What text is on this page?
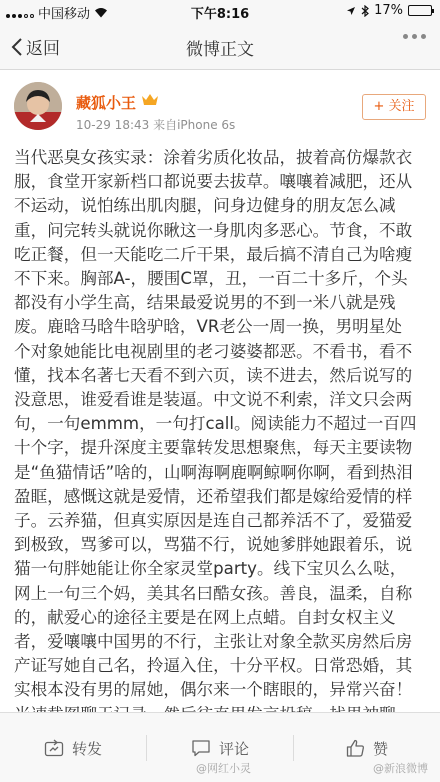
中国移动	下午8:16	17%
返回	微博正文
藏狐小王
10-29 18:43 来自iPhone 6s
+ 关注
当代恶臭女孩实录：涂着劣质化妆品，披着高仿爆款衣
服，食堂开家新档口都说要去拔草。嚷嚷着减肥，还从
不运动，说怕练出肌肉腿，问身边健身的朋友怎么减
重，问完转头就说你瞅这一身肌肉多恶心。节食，不敢
吃正餐，但一天能吃二斤干果，最后搞不清自己为啥瘦
不下来。胸部A-，腰围C罩，丑，一百二十多斤，个头
都没有小学生高，结果最爱说男的不到一米八就是残
废。鹿晗马晗牛晗驴晗，VR老公一周一换，男明星处
个对象她能比电视剧里的老刁婆婆都恶。不看书，看不
懂，找本名著七天看不到六页，读不进去，然后说写的
没意思，谁爱看谁是装逼。中文说不利索，洋文只会两
句，一句emmm，一句打call。阅读能力不超过一百四
十个字，提升深度主要靠转发思想聚焦，每天主要读物
是“鱼猫情话”啥的，山啊海啊鹿啊鲸啊你啊，看到热泪
盈眶，感慨这就是爱情，还希望我们都是嫁给爱情的样
子。云养猫，但真实原因是连自己都养活不了，爱猫爱
到极致，骂爹可以，骂猫不行，说她爹胖她跟着乐，说
猫一句胖她能让你全家灵堂party。线下宝贝么么哒，
网上一句三个妈，美其名曰酷女孩。善良，温柔，自称
的，献爱心的途径主要是在网上点蜡。自封女权主义
者，爱嚷嚷中国男的不行，主张让对象全款买房然后房
产证写她自己名，拎逼入住，十分平权。日常恐婚，其
实根本没有男的屌她，偶尔来一个瞎眼的，异常兴奋！
转发	评论	赞
@网红小灵	@新浪微博
